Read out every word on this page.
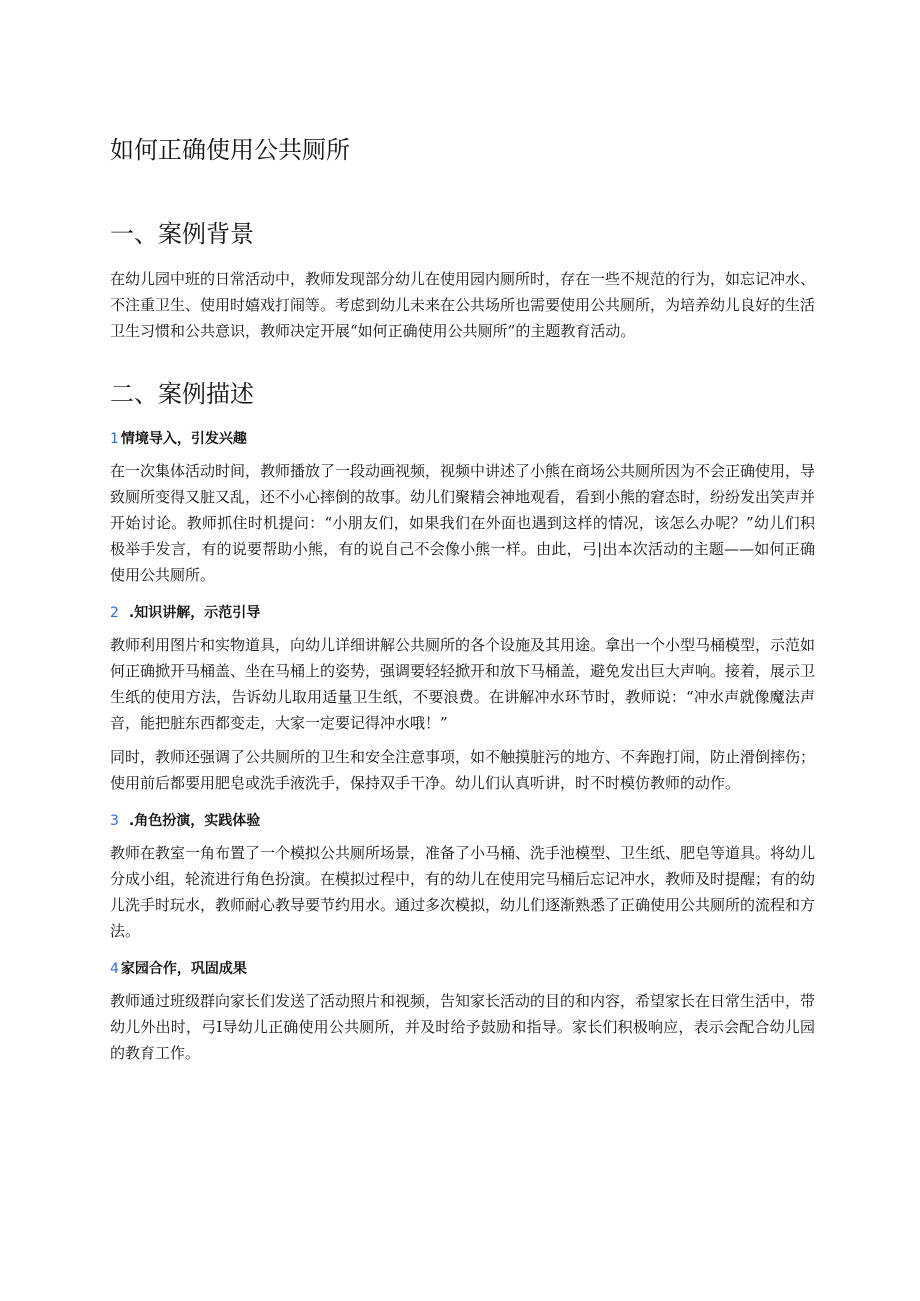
如何正确使用公共厕所
一、案例背景

在幼儿园中班的日常活动中，教师发现部分幼儿在使用园内厕所时，存在一些不规范的行为，如忘记冲水、不注重卫生、使用时嬉戏打闹等。考虑到幼儿未来在公共场所也需要使用公共厕所，为培养幼儿良好的生活卫生习惯和公共意识，教师决定开展“如何正确使用公共厕所”的主题教育活动。

二、案例描述
1 情境导入，引发兴趣

在一次集体活动时间，教师播放了一段动画视频，视频中讲述了小熊在商场公共厕所因为不会正确使用，导致厕所变得又脏又乱，还不小心摔倒的故事。幼儿们聚精会神地观看，看到小熊的窘态时，纷纷发出笑声并开始讨论。教师抓住时机提问：“小朋友们，如果我们在外面也遇到这样的情况，该怎么办呢？”幼儿们积极举手发言，有的说要帮助小熊，有的说自己不会像小熊一样。由此，弓|出本次活动的主题——如何正确使用公共厕所。

2 .知识讲解，示范引导

教师利用图片和实物道具，向幼儿详细讲解公共厕所的各个设施及其用途。拿出一个小型马桶模型，示范如何正确掀开马桶盖、坐在马桶上的姿势，强调要轻轻掀开和放下马桶盖，避免发出巨大声响。接着，展示卫生纸的使用方法，告诉幼儿取用适量卫生纸，不要浪费。在讲解冲水环节时，教师说：“冲水声就像魔法声音，能把脏东西都变走，大家一定要记得冲水哦！”

同时，教师还强调了公共厕所的卫生和安全注意事项，如不触摸脏污的地方、不奔跑打闹，防止滑倒摔伤；使用前后都要用肥皂或洗手液洗手，保持双手干净。幼儿们认真听讲，时不时模仿教师的动作。

3 .角色扮演，实践体验

教师在教室一角布置了一个模拟公共厕所场景，准备了小马桶、洗手池模型、卫生纸、肥皂等道具。将幼儿分成小组，轮流进行角色扮演。在模拟过程中，有的幼儿在使用完马桶后忘记冲水，教师及时提醒；有的幼儿洗手时玩水，教师耐心教导要节约用水。通过多次模拟，幼儿们逐渐熟悉了正确使用公共厕所的流程和方法。

4 家园合作，巩固成果

教师通过班级群向家长们发送了活动照片和视频，告知家长活动的目的和内容，希望家长在日常生活中，带幼儿外出时，弓I导幼儿正确使用公共厕所，并及时给予鼓励和指导。家长们积极响应，表示会配合幼儿园的教育工作。
